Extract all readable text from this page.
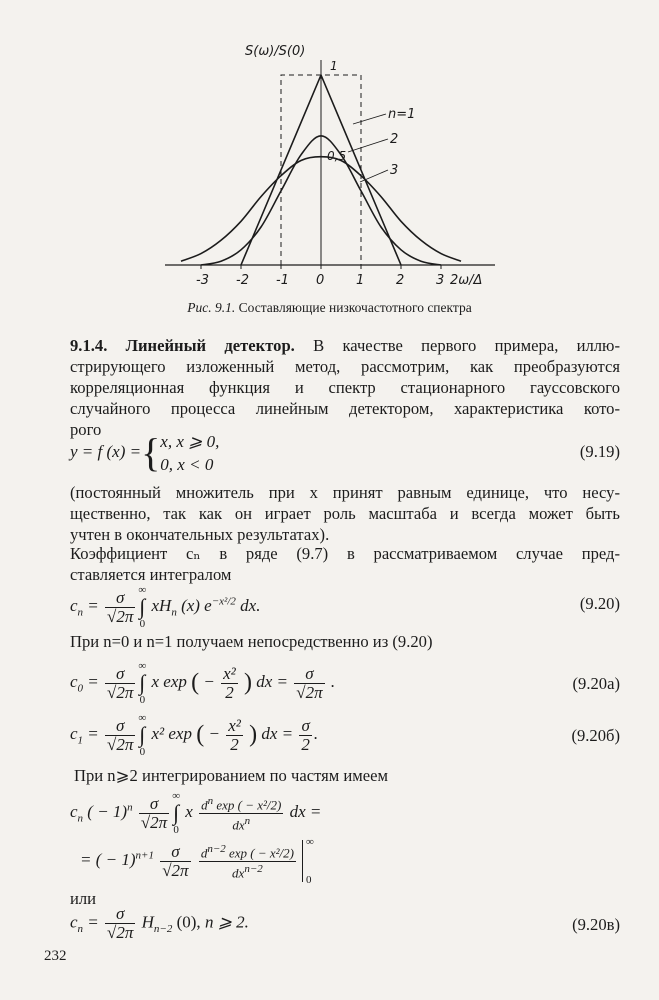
-3 -2 -1 0 1 2 3
S(ω)/S(0)
1
0,5
2ω/Δ
n=1
2
3
Рис. 9.1. Составляющие низкочастотного спектра
9.1.4. Линейный детектор. В качестве первого примера, иллю-
стрирующего изложенный метод, рассмотрим, как преобразуются
корреляционная функция и спектр стационарного гауссовского
случайного процесса линейным детектором, характеристика кото-
рого
y = f (x) ={ x, x ⩾ 0,
0, x < 0
(9.19)
(постоянный множитель при x принят равным единице, что несу-
щественно, так как он играет роль масштаба и всегда может быть
учтен в окончательных результатах).
Коэффициент cₙ в ряде (9.7) в рассматриваемом случае пред-
ставляется интегралом
$c_n = \frac{\sigma}{√2\pi}$ ∞
∫
0
$xH_n$ (x) $e^{-x^2/2}$ dx.	(9.20)
При n=0 и n=1 получаем непосредственно из (9.20)
$c_0 = \frac{\sigma}{√2\pi}$ ∞
∫
0
x exp ( − $\frac{\text{x²}}{2}$ ) dx = $\frac{\sigma}{√2\pi}$ .	(9.20а)
$c_1 = \frac{\sigma}{√2\pi}$ ∞
∫
0
x² exp ( − $\frac{\text{x²}}{2}$ ) dx = $\frac{\sigma}{2}$ .	(9.20б)
При n⩾2 интегрированием по частям имеем
$c_n$ ( − $1)^n \frac{\sigma}{√2\pi}$ ∞
∫
0
x $\frac{d^n \exp ( - x^2/2)}{dx^n}$ dx =
= ( − $1)^{n+1} \frac{\sigma}{√2\pi}$
$\frac{d^{n-2} \exp ( - x^2/2)}{dx^{n-2}}$
∞
0
или
$c_n = \frac{\sigma}{√2\pi} H_{n-2}$ (0), n ⩾ 2.	(9.20в)
232
